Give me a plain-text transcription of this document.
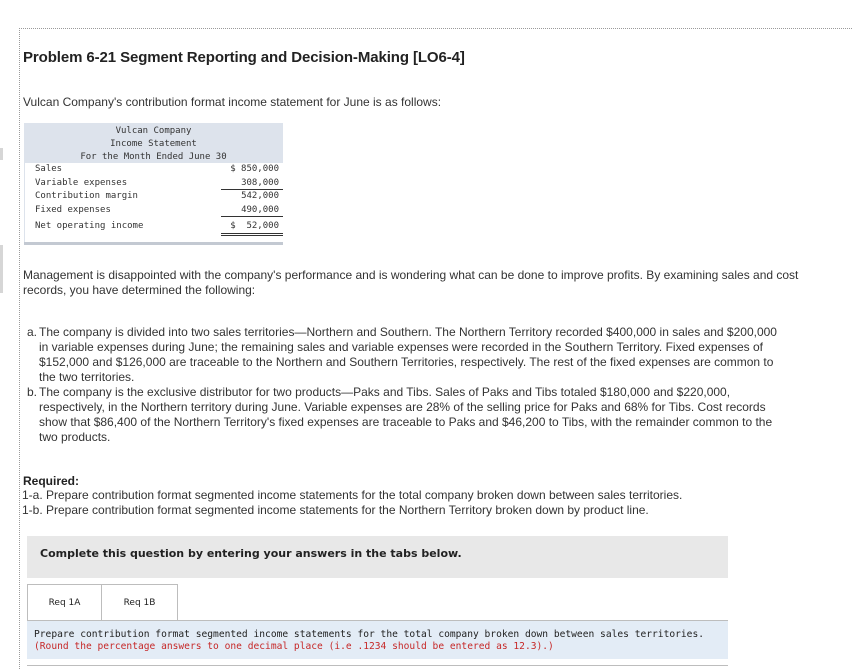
Problem 6-21 Segment Reporting and Decision-Making [LO6-4]

Vulcan Company's contribution format income statement for June is as follows:

Vulcan Company
Income Statement
For the Month Ended June 30
Sales	$ 850,000
Variable expenses	308,000
Contribution margin	542,000
Fixed expenses	490,000
Net operating income	$  52,000

Management is disappointed with the company's performance and is wondering what can be done to improve profits. By examining sales and cost records, you have determined the following:

a. The company is divided into two sales territories—Northern and Southern. The Northern Territory recorded $400,000 in sales and $200,000 in variable expenses during June; the remaining sales and variable expenses were recorded in the Southern Territory. Fixed expenses of $152,000 and $126,000 are traceable to the Northern and Southern Territories, respectively. The rest of the fixed expenses are common to the two territories.
b. The company is the exclusive distributor for two products—Paks and Tibs. Sales of Paks and Tibs totaled $180,000 and $220,000, respectively, in the Northern territory during June. Variable expenses are 28% of the selling price for Paks and 68% for Tibs. Cost records show that $86,400 of the Northern Territory's fixed expenses are traceable to Paks and $46,200 to Tibs, with the remainder common to the two products.

Required:

1-a. Prepare contribution format segmented income statements for the total company broken down between sales territories.

1-b. Prepare contribution format segmented income statements for the Northern Territory broken down by product line.

Complete this question by entering your answers in the tabs below.
Req 1A	Req 1B
Prepare contribution format segmented income statements for the total company broken down between sales territories. (Round the percentage answers to one decimal place (i.e .1234 should be entered as 12.3).)
